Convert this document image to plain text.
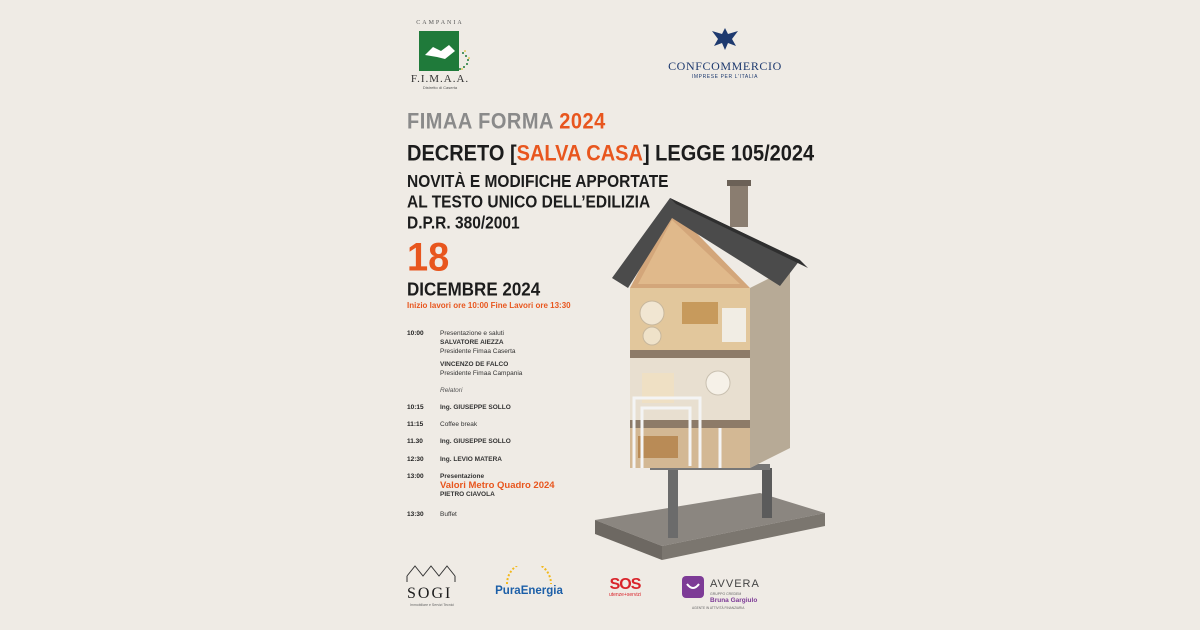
CAMPANIA
F.I.M.A.A.
Distretto di Caserta
CONFCOMMERCIO
IMPRESE PER L'ITALIA
FIMAA FORMA 2024
DECRETO [SALVA CASA] LEGGE 105/2024
NOVITÀ E MODIFICHE APPORTATE
AL TESTO UNICO DELL’EDILIZIA
D.P.R. 380/2001
18
DICEMBRE 2024
Inizio lavori ore 10:00 Fine Lavori ore 13:30
10:00	Presentazione e saluti
SALVATORE AIEZZA
Presidente Fimaa Caserta
VINCENZO DE FALCO
Presidente Fimaa Campania
Relatori
10:15	Ing. GIUSEPPE SOLLO
11:15	Coffee break
11.30	Ing. GIUSEPPE SOLLO
12:30	Ing. LEVIO MATERA
13:00	Presentazione
Valori Metro Quadro 2024
PIETRO CIAVOLA
13:30	Buffet
SOGI
Immobiliare e Servizi Tecnici
PuraEnergia	SOS
utenze+servizi
AVVERA
GRUPPO CREDEM
Bruna Gargiulo
AGENTE IN ATTIVITÀ FINANZIARIA
